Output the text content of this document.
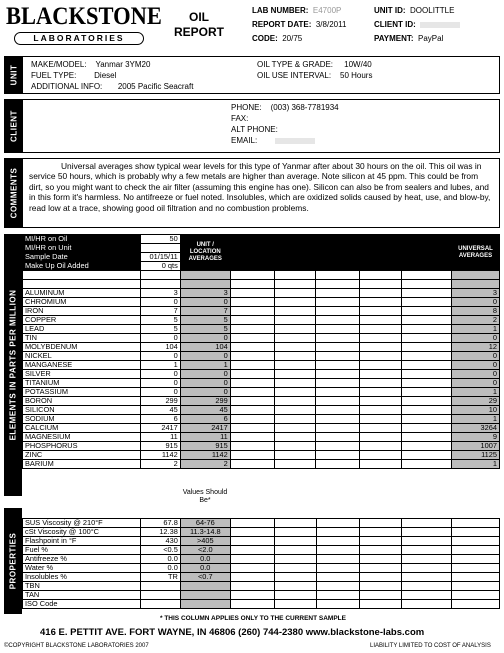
BLACKSTONE
LABORATORIES
OIL
REPORT
LAB NUMBER: E4700P
REPORT DATE: 3/8/2011
CODE: 20/75
UNIT ID: DOOLITTLE
CLIENT ID:
PAYMENT: PayPal
UNIT
MAKE/MODEL: Yanmar 3YM20
FUEL TYPE: Diesel
ADDITIONAL INFO: 2005 Pacific Seacraft
OIL TYPE & GRADE: 10W/40
OIL USE INTERVAL: 50 Hours
CLIENT
PHONE: (003) 368-7781934
FAX:
ALT PHONE:
EMAIL:
COMMENTS
Universal averages show typical wear levels for this type of Yanmar after about 30 hours on the oil. This oil was in service 50 hours, which is probably why a few metals are higher than average. Note silicon at 45 ppm. This could be from dirt, so you might want to check the air filter (assuming this engine has one). Silicon can also be from sealers and lubes, and in this form it's harmless. No antifreeze or fuel noted. Insolubles, which are oxidized solids caused by heat, use, and blow-by, read low at a trace, showing good oil filtration and no combustion problems.
ELEMENTS IN PARTS PER MILLION
PROPERTIES
MI/HR on Oil	50	UNIT / LOCATION AVERAGES						UNIVERSAL AVERAGES
MI/HR on Unit								
Sample Date	01/15/11							
Make Up Oil Added	0 qts							

ALUMINUM	3	3						3
CHROMIUM	0	0						0
IRON	7	7						8
COPPER	5	5						2
LEAD	5	5						1
TIN	0	0						0
MOLYBDENUM	104	104						12
NICKEL	0	0						0
MANGANESE	1	1						0
SILVER	0	0						0
TITANIUM	0	0						0
POTASSIUM	0	0						1
BORON	299	299						29
SILICON	45	45						10
SODIUM	6	6						1
CALCIUM	2417	2417						3264
MAGNESIUM	11	11						9
PHOSPHORUS	915	915						1007
ZINC	1142	1142						1125
BARIUM	2	2						1
SUS Viscosity @ 210°F	67.8	64-76						
cSt Viscosity @ 100°C	12.38	11.3-14.8						
Flashpoint in °F	430	>405						
Fuel %	<0.5	<2.0						
Antifreeze %	0.0	0.0						
Water %	0.0	0.0						
Insolubles %	TR	<0.7						
TBN								
TAN								
ISO Code								
Values Should Be*
* THIS COLUMN APPLIES ONLY TO THE CURRENT SAMPLE
416 E. PETTIT AVE. FORT WAYNE, IN 46806 (260) 744-2380 www.blackstone-labs.com
©COPYRIGHT BLACKSTONE LABORATORIES 2007	LIABILITY LIMITED TO COST OF ANALYSIS
